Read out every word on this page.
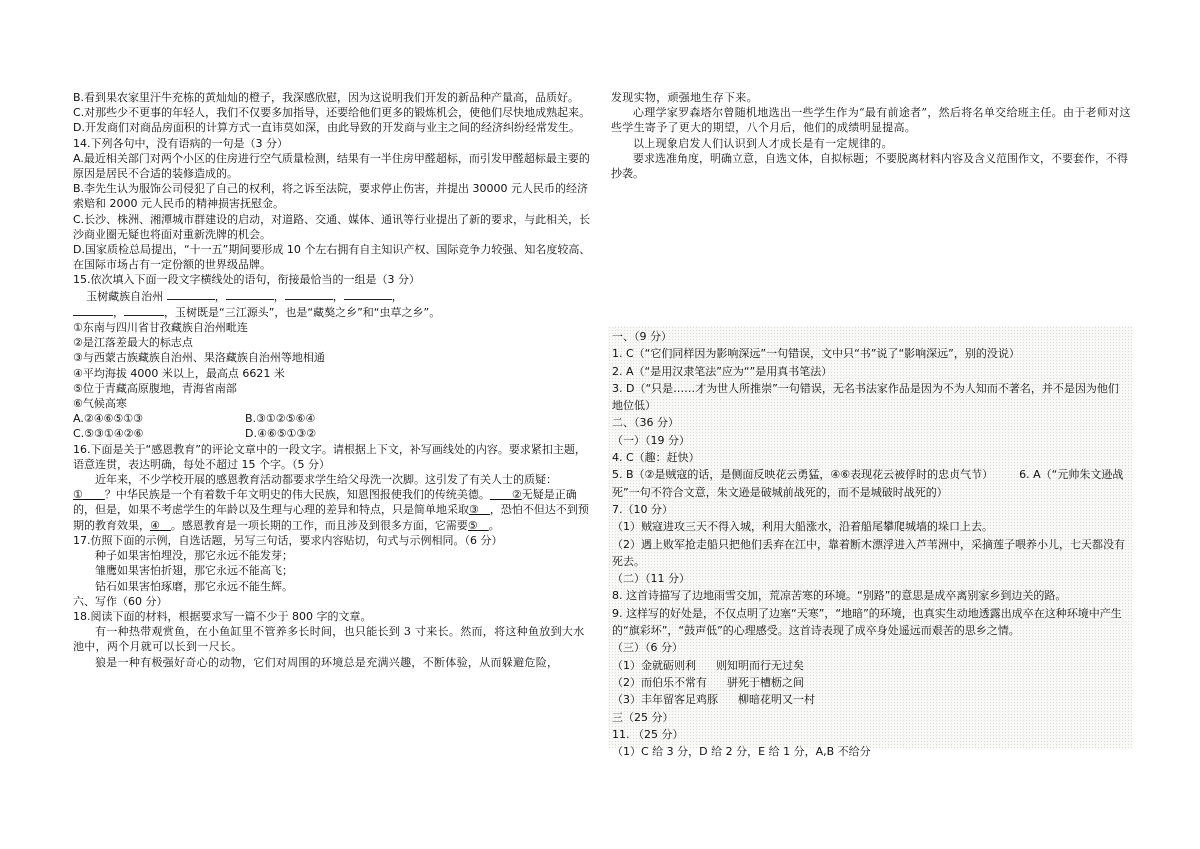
B.看到果农家里汗牛充栋的黄灿灿的橙子，我深感欣慰，因为这说明我们开发的新品种产量高，品质好。

C.对那些少不更事的年轻人，我们不仅要多加指导，还要给他们更多的锻炼机会，使他们尽快地成熟起来。

D.开发商们对商品房面积的计算方式一直讳莫如深，由此导致的开发商与业主之间的经济纠纷经常发生。

14.下列各句中，没有语病的一句是（3 分）

A.最近相关部门对两个小区的住房进行空气质量检测，结果有一半住房甲醛超标，而引发甲醛超标最主要的原因是居民不合适的装修造成的。

B.李先生认为服饰公司侵犯了自己的权利，将之诉至法院，要求停止伤害，并提出 30000 元人民币的经济索赔和 2000 元人民币的精神损害抚慰金。

C.长沙、株洲、湘潭城市群建设的启动，对道路、交通、媒体、通讯等行业提出了新的要求，与此相关，长沙商业圈无疑也将面对重新洗牌的机会。

D.国家质检总局提出，“十一五”期间要形成 10 个左右拥有自主知识产权、国际竞争力较强、知名度较高、在国际市场占有一定份额的世界级品牌。

15.依次填入下面一段文字横线处的语句，衔接最恰当的一组是（3 分）

玉树藏族自治州	，	，	，	，

，	，玉树既是“三江源头”，也是“藏獒之乡”和“虫草之乡”。

①东南与四川省甘孜藏族自治州毗连

②是江落差最大的标志点

③与西蒙古族藏族自治州、果洛藏族自治州等地相通

④平均海拔 4000 米以上，最高点 6621 米

⑤位于青藏高原腹地，青海省南部

⑥气候高寒

A.②④⑥⑤①③	B.③①②⑤⑥④
C.⑤③①④②⑥	D.④⑥⑤①③②

16.下面是关于“感恩教育”的评论文章中的一段文字。请根据上下文，补写画线处的内容。要求紧扣主题，语意连贯，表达明确，每处不超过 15 个字。（5 分）

近年来，不少学校开展的感恩教育活动都要求学生给父母洗一次脚。这引发了有关人士的质疑：①   ？中华民族是一个有着数千年文明史的伟大民族，知恩图报使我们的传统美德。   ②无疑是正确的，但是，如果不考虑学生的年龄以及生理与心理的差异和特点，只是简单地采取③  ，恐怕不但达不到预期的教育效果，④  。感恩教育是一项长期的工作，而且涉及到很多方面，它需要⑤  。

17.仿照下面的示例，自选话题，另写三句话，要求内容贴切，句式与示例相同。（6 分）

种子如果害怕埋没，那它永远不能发芽；

雏鹰如果害怕折翅，那它永远不能高飞；

钻石如果害怕琢磨，那它永远不能生辉。

六、写作（60 分）

18.阅读下面的材料，根据要求写一篇不少于 800 字的文章。

有一种热带观赏鱼，在小鱼缸里不管养多长时间，也只能长到 3 寸来长。然而，将这种鱼放到大水池中，两个月就可以长到一尺长。

狼是一种有极强好奇心的动物，它们对周围的环境总是充满兴趣，不断体验，从而躲避危险，

发现实物，顽强地生存下来。

心理学家罗森塔尔曾随机地选出一些学生作为“最有前途者”，然后将名单交给班主任。由于老师对这些学生寄予了更大的期望，八个月后，他们的成绩明显提高。

以上现象启发人们认识到人才成长是有一定规律的。

要求选准角度，明确立意，自选文体，自拟标题；不要脱离材料内容及含义范围作文，不要套作，不得抄袭。

一、（9 分）

1. C（“它们同样因为影响深远”一句错误，文中只“书”说了“影响深远”，别的没说）

2. A（“是用汉隶笔法”应为“”是用真书笔法）

3. D（“只是……才为世人所推崇”一句错误，无名书法家作品是因为不为人知而不著名，并不是因为他们地位低）

二、（36 分）

（一）（19 分）

4. C（趣：赶快）

5. B（②是贼寇的话，是侧面反映花云勇猛，④⑥表现花云被俘时的忠贞气节） 6. A（“元帅朱文逊战死”一句不符合文意，朱文逊是破城前战死的，而不是城破时战死的）

7.（10 分）

（1）贼寇进攻三天不得入城，利用大船涨水，沿着船尾攀爬城墙的垛口上去。

（2）遇上败军抢走船只把他们丢弃在江中，靠着断木漂浮进入芦苇洲中，采摘莲子喂养小儿，七天都没有死去。

（二）（11 分）

8. 这首诗描写了边地雨雪交加，荒凉苦寒的环境。“别路”的意思是成卒离别家乡到边关的路。

9. 这样写的好处是，不仅点明了边塞“天寒”，“地暗”的环境，也真实生动地透露出成卒在这种环境中产生的“旗彩坏”，“鼓声低”的心理感受。这首诗表现了成卒身处遥远而艰苦的思乡之情。

（三）（6 分）

（1）金就砺则利 则知明而行无过矣

（2）而伯乐不常有 骈死于槽枥之间

（3）丰年留客足鸡豚 柳暗花明又一村

三（25 分）

11. （25 分）

（1）C 给 3 分，D 给 2 分，E 给 1 分，A,B 不给分
